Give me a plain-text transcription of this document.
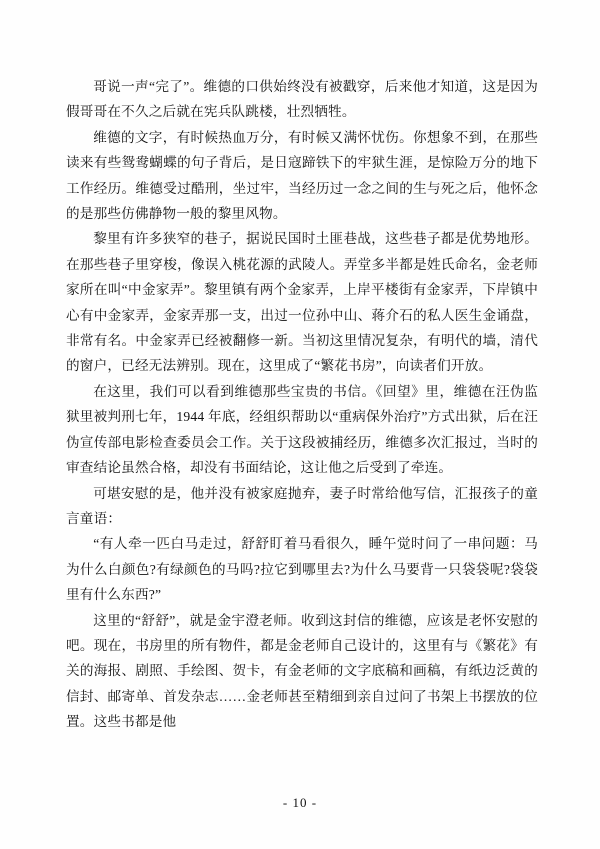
哥说一声“完了”。维德的口供始终没有被戳穿，后来他才知道，这是因为假哥哥在不久之后就在宪兵队跳楼，壮烈牺牲。

维德的文字，有时候热血万分，有时候又满怀忧伤。你想象不到，在那些读来有些鸳鸯蝴蝶的句子背后，是日寇蹄铁下的牢狱生涯，是惊险万分的地下工作经历。维德受过酷刑，坐过牢，当经历过一念之间的生与死之后，他怀念的是那些仿佛静物一般的黎里风物。

黎里有许多狭窄的巷子，据说民国时土匪巷战，这些巷子都是优势地形。在那些巷子里穿梭，像误入桃花源的武陵人。弄堂多半都是姓氏命名，金老师家所在叫“中金家弄”。黎里镇有两个金家弄，上岸平楼街有金家弄，下岸镇中心有中金家弄，金家弄那一支，出过一位孙中山、蒋介石的私人医生金诵盘，非常有名。中金家弄已经被翻修一新。当初这里情况复杂，有明代的墙，清代的窗户，已经无法辨别。现在，这里成了“繁花书房”，向读者们开放。

在这里，我们可以看到维德那些宝贵的书信。《回望》里，维德在汪伪监狱里被判刑七年，1944 年底，经组织帮助以“重病保外治疗”方式出狱，后在汪伪宣传部电影检查委员会工作。关于这段被捕经历，维德多次汇报过，当时的审查结论虽然合格，却没有书面结论，这让他之后受到了牵连。

可堪安慰的是，他并没有被家庭抛弃，妻子时常给他写信，汇报孩子的童言童语：

“有人牵一匹白马走过，舒舒盯着马看很久，睡午觉时问了一串问题：马为什么白颜色?有绿颜色的马吗?拉它到哪里去?为什么马要背一只袋袋呢?袋袋里有什么东西?”

这里的“舒舒”，就是金宇澄老师。收到这封信的维德，应该是老怀安慰的吧。现在，书房里的所有物件，都是金老师自己设计的，这里有与《繁花》有关的海报、剧照、手绘图、贺卡，有金老师的文字底稿和画稿，有纸边泛黄的信封、邮寄单、首发杂志……金老师甚至精细到亲自过问了书架上书摆放的位置。这些书都是他

- 10 -
